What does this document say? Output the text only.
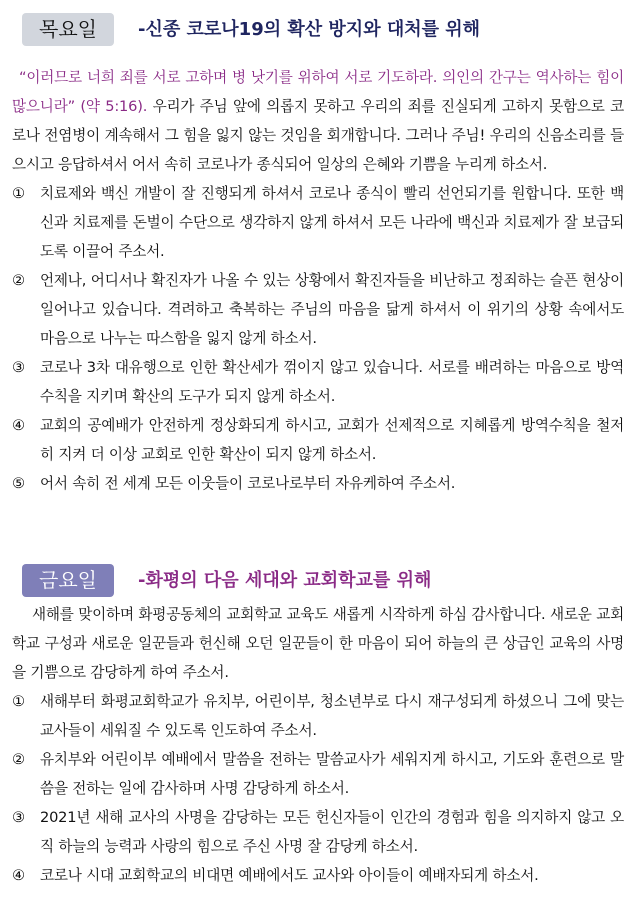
목요일	-신종 코로나19의 확산 방지와 대처를 위해

“이러므로 너희 죄를 서로 고하며 병 낫기를 위하여 서로 기도하라. 의인의 간구는 역사하는 힘이 많으니라” (약 5:16). 우리가 주님 앞에 의롭지 못하고 우리의 죄를 진실되게 고하지 못함으로 코로나 전염병이 계속해서 그 힘을 잃지 않는 것임을 회개합니다. 그러나 주님! 우리의 신음소리를 들으시고 응답하셔서 어서 속히 코로나가 종식되어 일상의 은혜와 기쁨을 누리게 하소서.

①	치료제와 백신 개발이 잘 진행되게 하셔서 코로나 종식이 빨리 선언되기를 원합니다. 또한 백신과 치료제를 돈벌이 수단으로 생각하지 않게 하셔서 모든 나라에 백신과 치료제가 잘 보급되도록 이끌어 주소서.
②	언제나, 어디서나 확진자가 나올 수 있는 상황에서 확진자들을 비난하고 정죄하는 슬픈 현상이 일어나고 있습니다. 격려하고 축복하는 주님의 마음을 닮게 하셔서 이 위기의 상황 속에서도 마음으로 나누는 따스함을 잃지 않게 하소서.
③	코로나 3차 대유행으로 인한 확산세가 꺾이지 않고 있습니다. 서로를 배려하는 마음으로 방역수칙을 지키며 확산의 도구가 되지 않게 하소서.
④	교회의 공예배가 안전하게 정상화되게 하시고, 교회가 선제적으로 지혜롭게 방역수칙을 철저히 지켜 더 이상 교회로 인한 확산이 되지 않게 하소서.
⑤	어서 속히 전 세계 모든 이웃들이 코로나로부터 자유케하여 주소서.
금요일	-화평의 다음 세대와 교회학교를 위해

새해를 맞이하며 화평공동체의 교회학교 교육도 새롭게 시작하게 하심 감사합니다. 새로운 교회학교 구성과 새로운 일꾼들과 헌신해 오던 일꾼들이 한 마음이 되어 하늘의 큰 상급인 교육의 사명을 기쁨으로 감당하게 하여 주소서.

①	새해부터 화평교회학교가 유치부, 어린이부, 청소년부로 다시 재구성되게 하셨으니 그에 맞는 교사들이 세워질 수 있도록 인도하여 주소서.
②	유치부와 어린이부 예배에서 말씀을 전하는 말씀교사가 세워지게 하시고, 기도와 훈련으로 말씀을 전하는 일에 감사하며 사명 감당하게 하소서.
③	2021년 새해 교사의 사명을 감당하는 모든 헌신자들이 인간의 경험과 힘을 의지하지 않고 오직 하늘의 능력과 사랑의 힘으로 주신 사명 잘 감당케 하소서.
④	코로나 시대 교회학교의 비대면 예배에서도 교사와 아이들이 예배자되게 하소서.
